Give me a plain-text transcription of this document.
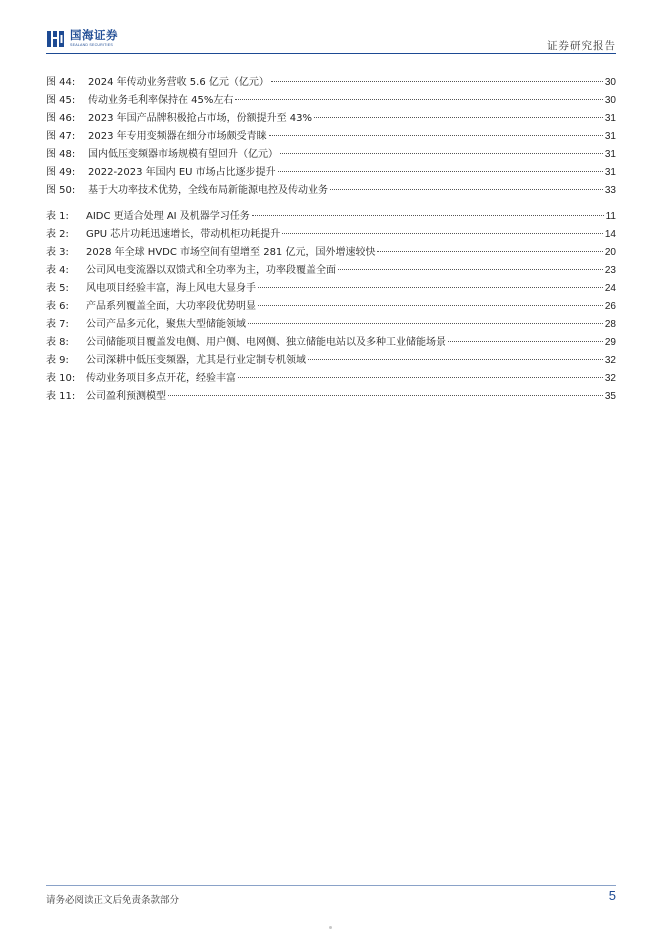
国海证券
SEALAND SECURITIES	证券研究报告
图 44:	2024 年传动业务营收 5.6 亿元（亿元）	30
图 45:	传动业务毛利率保持在 45%左右	30
图 46:	2023 年国产品牌积极抢占市场，份额提升至 43%	31
图 47:	2023 年专用变频器在细分市场颇受青睐	31
图 48:	国内低压变频器市场规模有望回升（亿元）	31
图 49:	2022-2023 年国内 EU 市场占比逐步提升	31
图 50:	基于大功率技术优势，全线布局新能源电控及传动业务	33
表 1:	AIDC 更适合处理 AI 及机器学习任务	11
表 2:	GPU 芯片功耗迅速增长，带动机柜功耗提升	14
表 3:	2028 年全球 HVDC 市场空间有望增至 281 亿元，国外增速较快	20
表 4:	公司风电变流器以双馈式和全功率为主，功率段覆盖全面	23
表 5:	风电项目经验丰富，海上风电大显身手	24
表 6:	产品系列覆盖全面，大功率段优势明显	26
表 7:	公司产品多元化，聚焦大型储能领域	28
表 8:	公司储能项目覆盖发电侧、用户侧、电网侧、独立储能电站以及多种工业储能场景	29
表 9:	公司深耕中低压变频器，尤其是行业定制专机领域	32
表 10:	传动业务项目多点开花，经验丰富	32
表 11:	公司盈利预测模型	35
请务必阅读正文后免责条款部分	5
